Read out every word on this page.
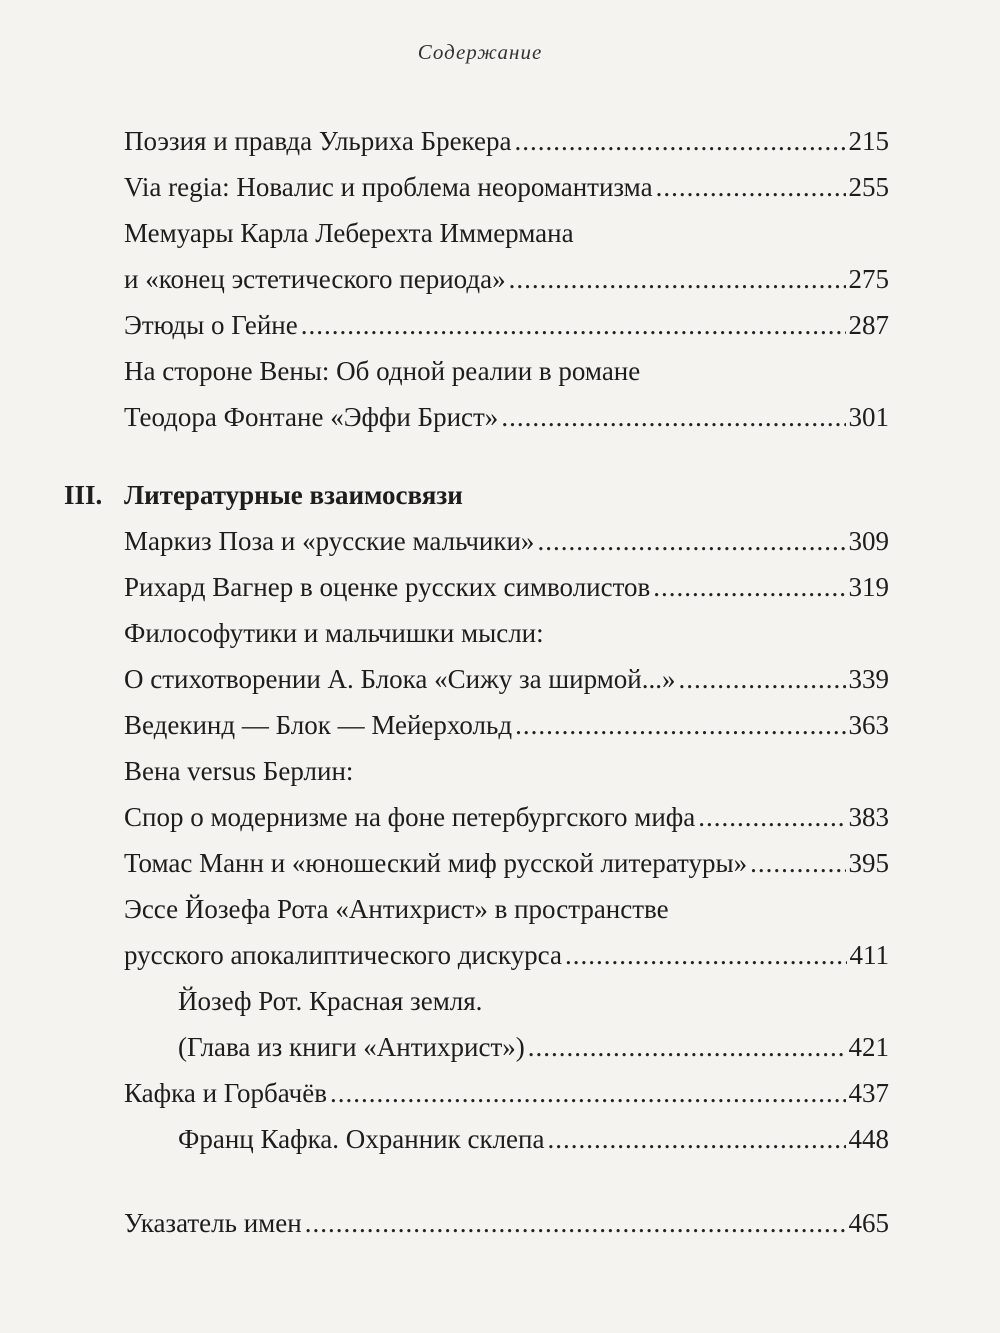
Содержание
Поэзия и правда Ульриха Брекера .....	215
Via regia: Новалис и проблема неоромантизма .....	255
Мемуары Карла Леберехта Иммермана
и «конец эстетического периода» .....	275
Этюды о Гейне .....	287
На стороне Вены: Об одной реалии в романе
Теодора Фонтане «Эффи Брист» .....	301
III. Литературные взаимосвязи
Маркиз Поза и «русские мальчики» .....	309
Рихард Вагнер в оценке русских символистов .....	319
Философутики и мальчишки мысли:
О стихотворении А. Блока «Сижу за ширмой...» .....	339
Ведекинд — Блок — Мейерхольд .....	363
Вена versus Берлин:
Спор о модернизме на фоне петербургского мифа .....	383
Томас Манн и «юношеский миф русской литературы» .....	395
Эссе Йозефа Рота «Антихрист» в пространстве
русского апокалиптического дискурса .....	411
Йозеф Рот. Красная земля.
(Глава из книги «Антихрист») .....	421
Кафка и Горбачёв .....	437
Франц Кафка. Охранник склепа .....	448
Указатель имен .....	465
